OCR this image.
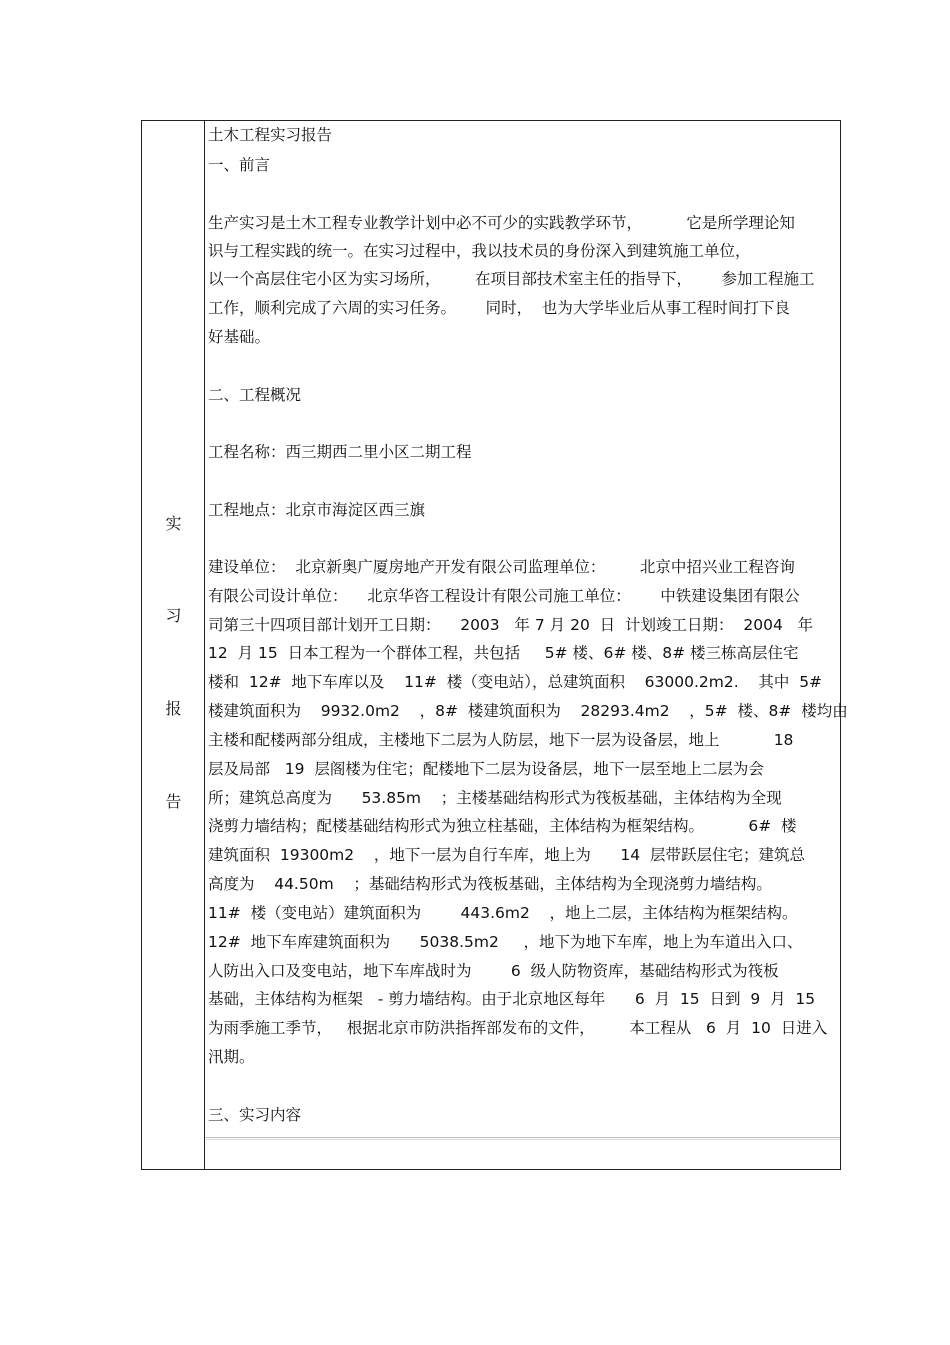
实
习
报
告
土木工程实习报告
一、前言
生产实习是土木工程专业教学计划中必不可少的实践教学环节，         它是所学理论知
识与工程实践的统一。在实习过程中，我以技术员的身份深入到建筑施工单位，
以一个高层住宅小区为实习场所，       在项目部技术室主任的指导下，      参加工程施工
工作，顺利完成了六周的实习任务。      同时，  也为大学毕业后从事工程时间打下良
好基础。
二、工程概况
工程名称：西三期西二里小区二期工程
工程地点：北京市海淀区西三旗
建设单位：  北京新奥广厦房地产开发有限公司监理单位：       北京中招兴业工程咨询
有限公司设计单位：    北京华咨工程设计有限公司施工单位：      中铁建设集团有限公
司第三十四项目部计划开工日期：    2003   年 7 月 20  日  计划竣工日期：  2004   年
12  月 15  日本工程为一个群体工程，共包括     5# 楼、6# 楼、8# 楼三栋高层住宅
楼和  12#  地下车库以及    11#  楼（变电站），总建筑面积    63000.2m2.    其中  5#
楼建筑面积为    9932.0m2    ，8#  楼建筑面积为    28293.4m2    ，5#  楼、8#  楼均由
主楼和配楼两部分组成，主楼地下二层为人防层，地下一层为设备层，地上           18
层及局部   19  层阁楼为住宅；配楼地下二层为设备层，地下一层至地上二层为会
所；建筑总高度为      53.85m    ；主楼基础结构形式为筏板基础，主体结构为全现
浇剪力墙结构；配楼基础结构形式为独立柱基础，主体结构为框架结构。         6#  楼
建筑面积  19300m2    ，地下一层为自行车库，地上为      14  层带跃层住宅；建筑总
高度为    44.50m    ；基础结构形式为筏板基础，主体结构为全现浇剪力墙结构。
11#  楼（变电站）建筑面积为        443.6m2    ，地上二层，主体结构为框架结构。
12#  地下车库建筑面积为      5038.5m2     ，地下为地下车库，地上为车道出入口、
人防出入口及变电站，地下车库战时为        6  级人防物资库，基础结构形式为筏板
基础，主体结构为框架   - 剪力墙结构。由于北京地区每年      6  月  15  日到  9  月  15
为雨季施工季节，   根据北京市防洪指挥部发布的文件，       本工程从   6  月  10  日进入
汛期。
三、实习内容
